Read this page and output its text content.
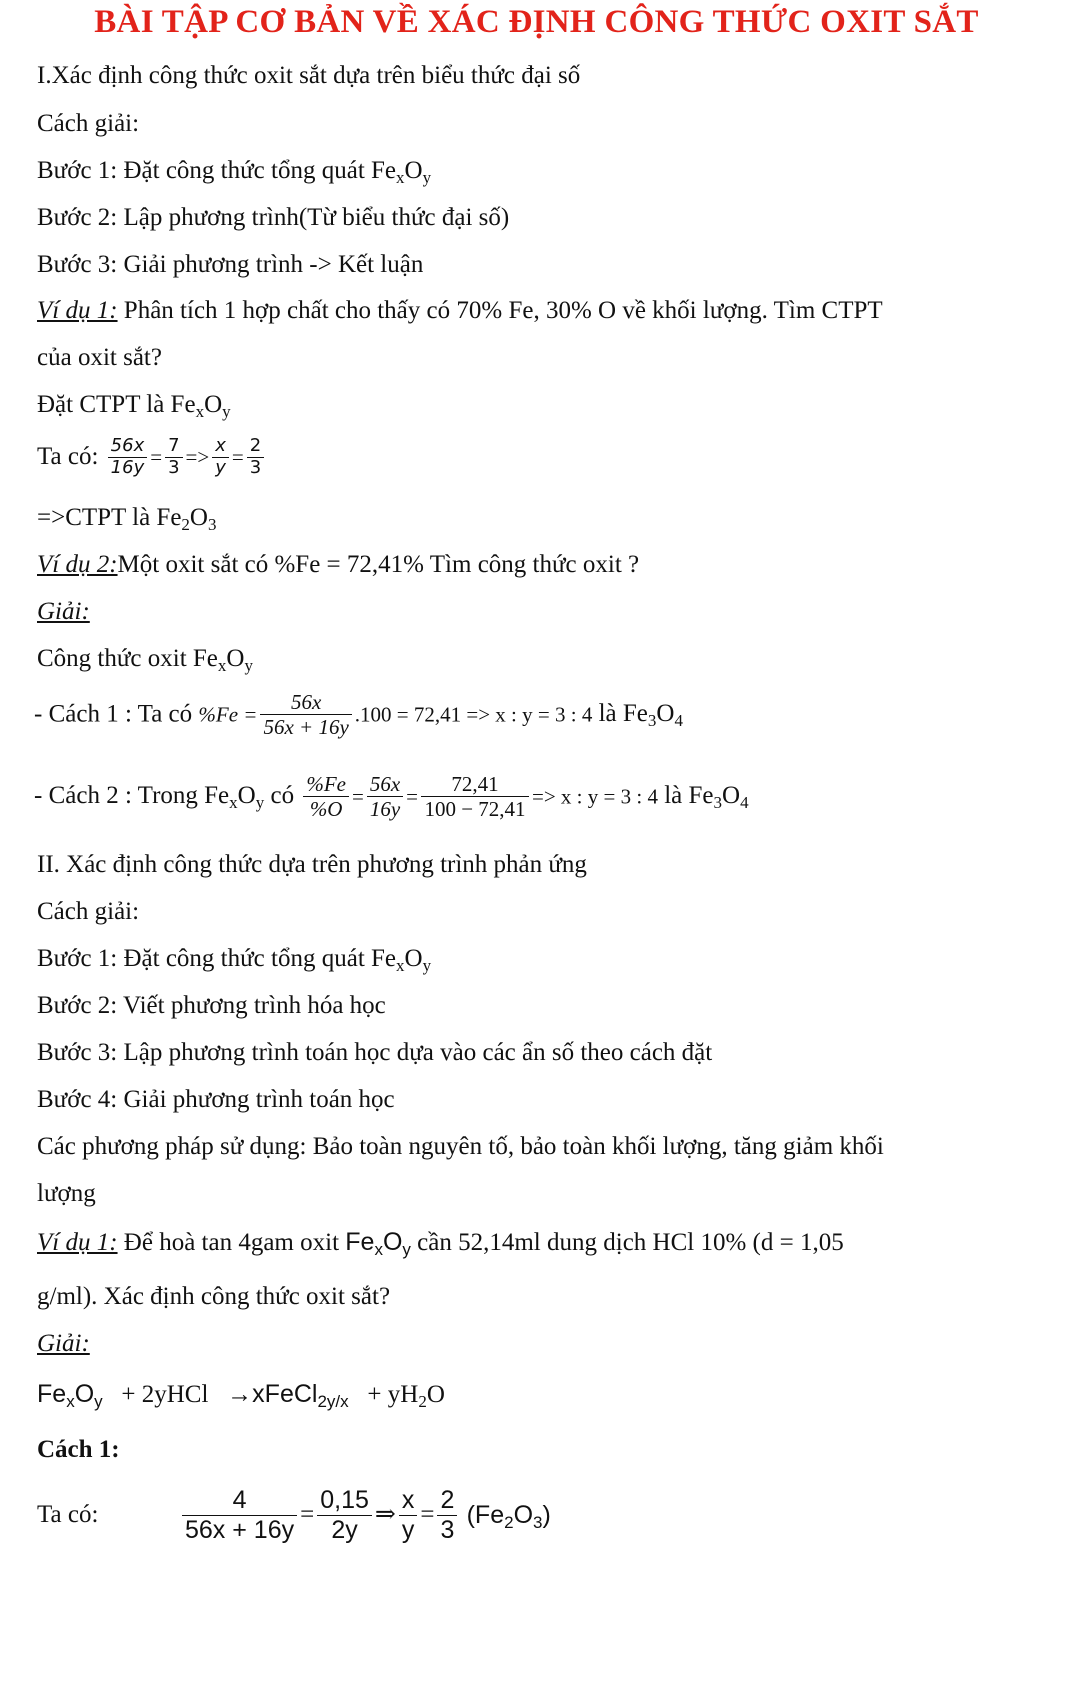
BÀI TẬP CƠ BẢN VỀ XÁC ĐỊNH CÔNG THỨC OXIT SẮT
I.Xác định công thức oxit sắt dựa trên biểu thức đại số
Cách giải:
Bước 1: Đặt công thức tổng quát $Fe_xO_y$
Bước 2: Lập phương trình(Từ biểu thức đại số)
Bước 3: Giải phương trình -> Kết luận
Ví dụ 1: Phân tích 1 hợp chất cho thấy có 70% Fe, 30% O về khối lượng. Tìm CTPT
của oxit sắt?
Đặt CTPT là $Fe_xO_y$
Ta có: $\frac{56x}{16y} = \frac{7}{3} => \frac{x}{y} = \frac{2}{3}$
=>CTPT là $Fe_2O_3$
Ví dụ 2:Một oxit sắt có %Fe = 72,41% Tìm công thức oxit ?
Giải:
Công thức oxit $Fe_xO_y$
- Cách 1 : Ta có $\%Fe = \frac{56x}{56x + 16y} .100 = 72,41 => x$ : y = 3 : 4 là $Fe_3O_4$
- Cách 2 : Trong $Fe_xO_y$ có $\frac{\%Fe}{\%O} = \frac{56x}{16y} = \frac{72,41}{100 - 72,41} => x$ : y = 3 : 4 là $Fe_3O_4$
II. Xác định công thức dựa trên phương trình phản ứng
Cách giải:
Bước 1: Đặt công thức tổng quát $Fe_xO_y$
Bước 2: Viết phương trình hóa học
Bước 3: Lập phương trình toán học dựa vào các ẩn số theo cách đặt
Bước 4: Giải phương trình toán học
Các phương pháp sử dụng: Bảo toàn nguyên tố, bảo toàn khối lượng, tăng giảm khối
lượng
Ví dụ 1: Để hoà tan 4gam oxit $Fe_xO_y$ cần 52,14ml dung dịch HCl 10% (d = 1,05
g/ml). Xác định công thức oxit sắt?
Giải:
$Fe_xO_y$ + 2yHCl →xFeCl$_{2y/x}$ + $yH_2O$
Cách 1:
Ta có:	$\frac{4}{56x + 16y} = \frac{0,15}{2y}$ ⇒ $\frac{x}{y} = \frac{2}{3} (Fe_2O_3)$
